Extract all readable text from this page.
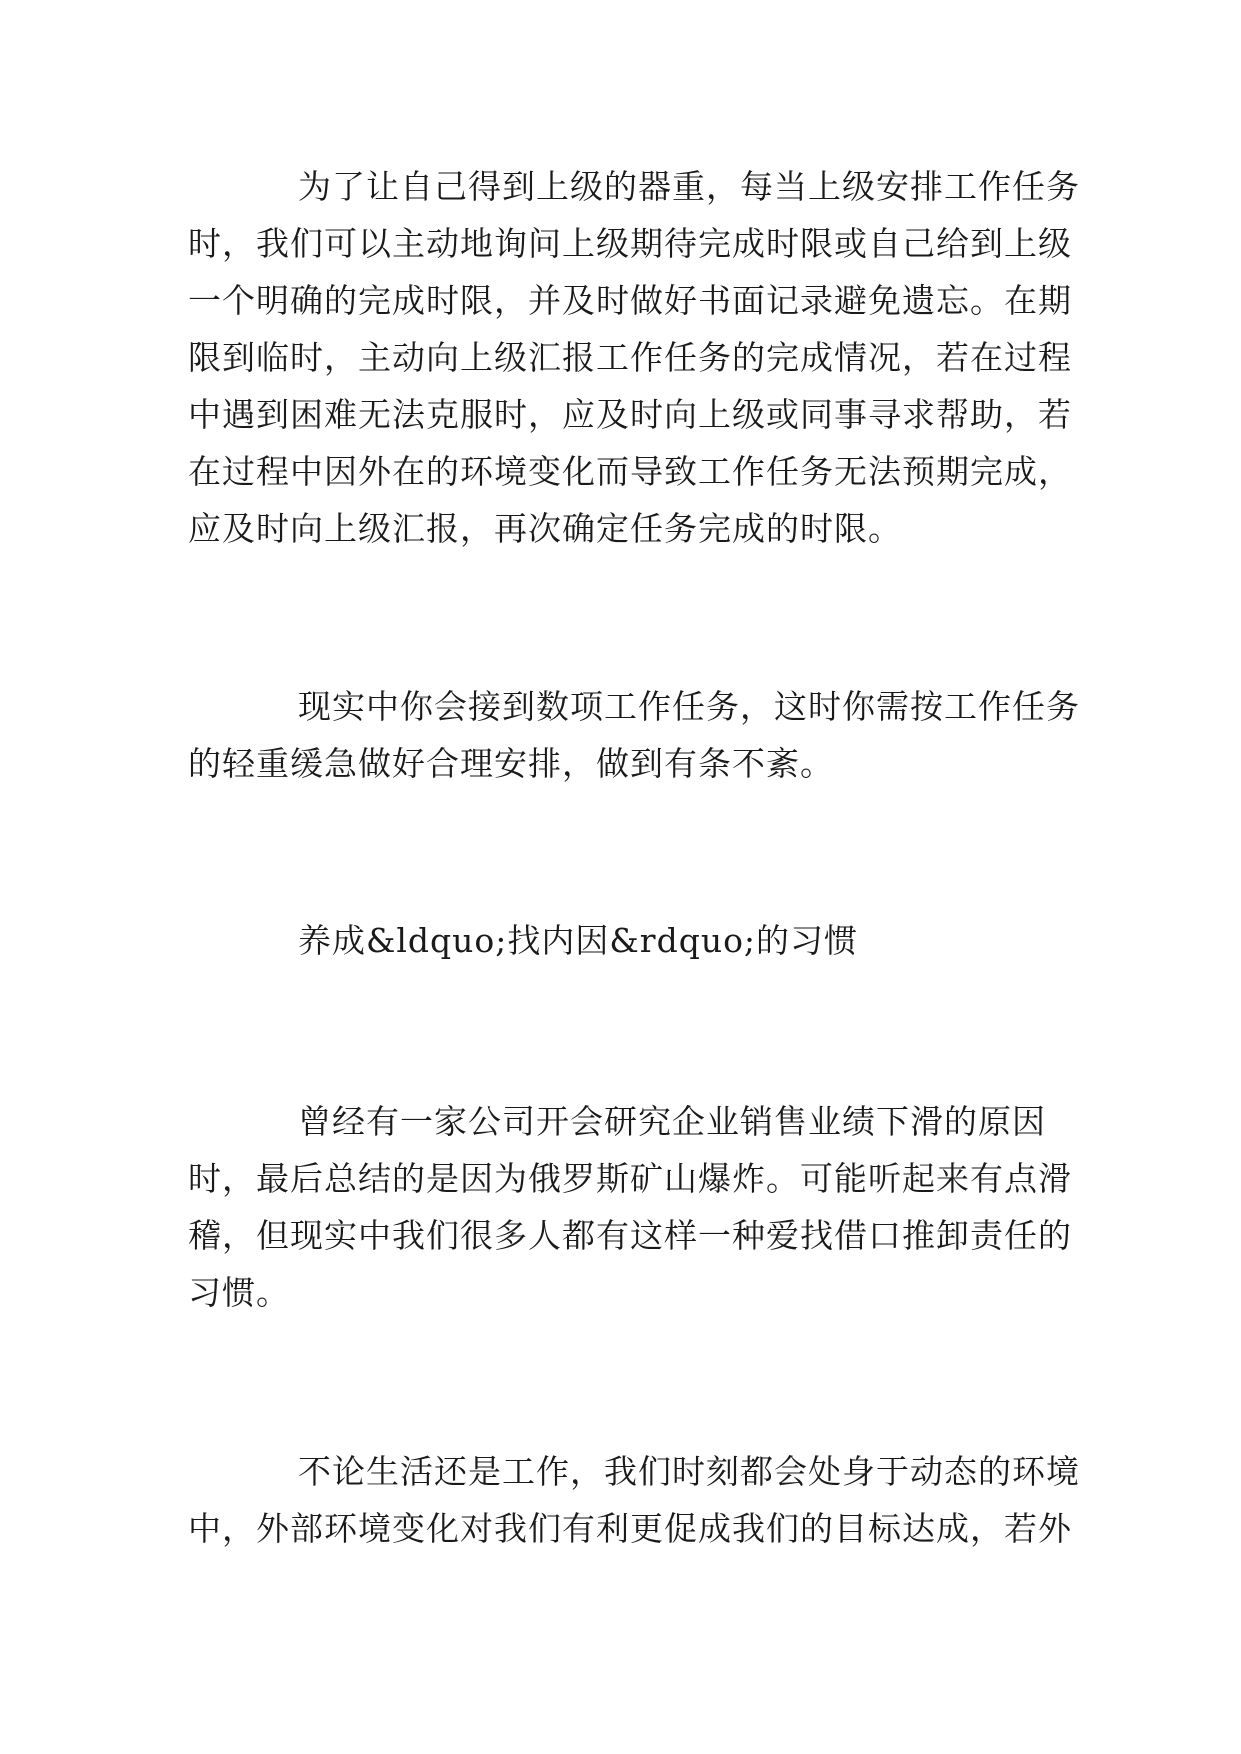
为了让自己得到上级的器重，每当上级安排工作任务
时，我们可以主动地询问上级期待完成时限或自己给到上级
一个明确的完成时限，并及时做好书面记录避免遗忘。在期
限到临时，主动向上级汇报工作任务的完成情况，若在过程
中遇到困难无法克服时，应及时向上级或同事寻求帮助，若
在过程中因外在的环境变化而导致工作任务无法预期完成，
应及时向上级汇报，再次确定任务完成的时限。

现实中你会接到数项工作任务，这时你需按工作任务
的轻重缓急做好合理安排，做到有条不紊。

养成&ldquo;找内因&rdquo;的习惯

曾经有一家公司开会研究企业销售业绩下滑的原因
时，最后总结的是因为俄罗斯矿山爆炸。可能听起来有点滑
稽，但现实中我们很多人都有这样一种爱找借口推卸责任的
习惯。

不论生活还是工作，我们时刻都会处身于动态的环境
中，外部环境变化对我们有利更促成我们的目标达成，若外
